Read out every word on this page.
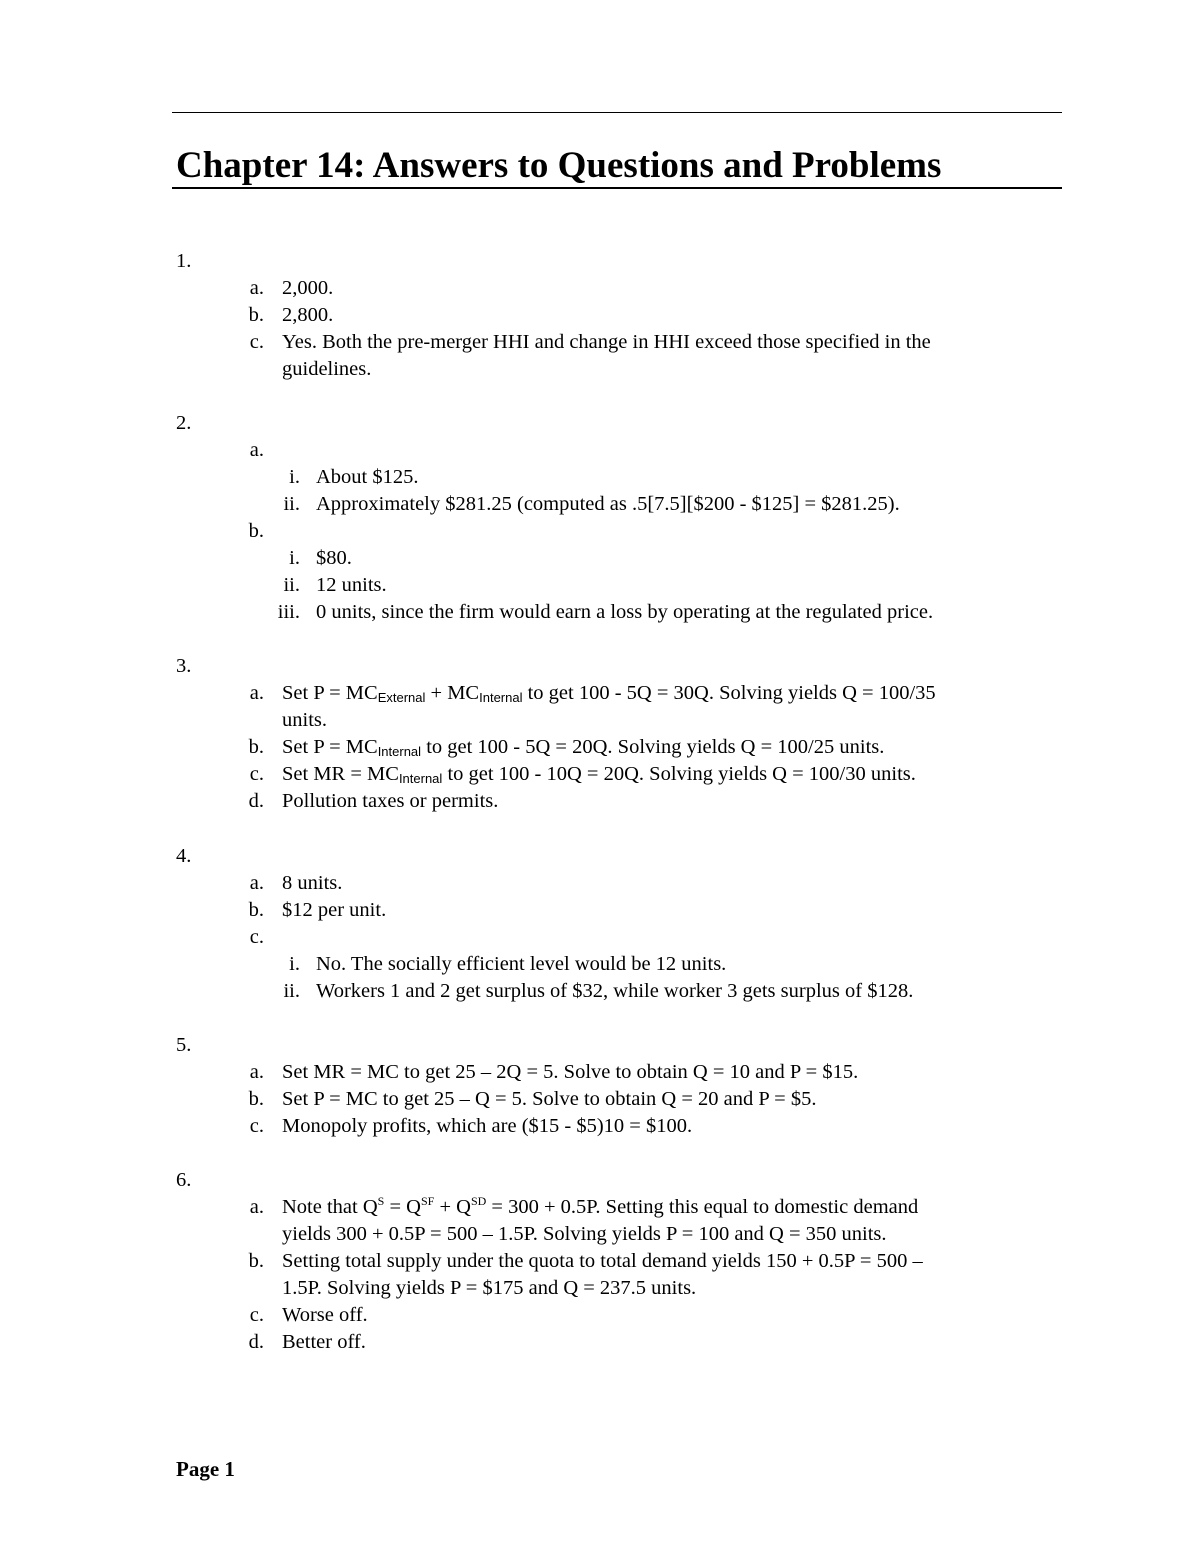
Chapter 14: Answers to Questions and Problems
1.
a. 2,000.
b. 2,800.
c. Yes. Both the pre-merger HHI and change in HHI exceed those specified in the
guidelines.
2.
a.
i. About $125.
ii. Approximately $281.25 (computed as .5[7.5][$200 - $125] = $281.25).
b.
i. $80.
ii. 12 units.
iii. 0 units, since the firm would earn a loss by operating at the regulated price.
3.
a. Set P = MCExternal + MCInternal to get 100 - 5Q = 30Q. Solving yields Q = 100/35
units.
b. Set P = MCInternal to get 100 - 5Q = 20Q. Solving yields Q = 100/25 units.
c. Set MR = MCInternal to get 100 - 10Q = 20Q. Solving yields Q = 100/30 units.
d. Pollution taxes or permits.
4.
a. 8 units.
b. $12 per unit.
c.
i. No. The socially efficient level would be 12 units.
ii. Workers 1 and 2 get surplus of $32, while worker 3 gets surplus of $128.
5.
a. Set MR = MC to get 25 – 2Q = 5. Solve to obtain Q = 10 and P = $15.
b. Set P = MC to get 25 – Q = 5. Solve to obtain Q = 20 and P = $5.
c. Monopoly profits, which are ($15 - $5)10 = $100.
6.
a. Note that $Q^S = Q^{SF} + Q^{SD} = 300 + 0.5P$. Setting this equal to domestic demand
yields 300 + 0.5P = 500 – 1.5P. Solving yields P = 100 and Q = 350 units.
b. Setting total supply under the quota to total demand yields 150 + 0.5P = 500 –
1.5P. Solving yields P = $175 and Q = 237.5 units.
c. Worse off.
d. Better off.
Page 1
